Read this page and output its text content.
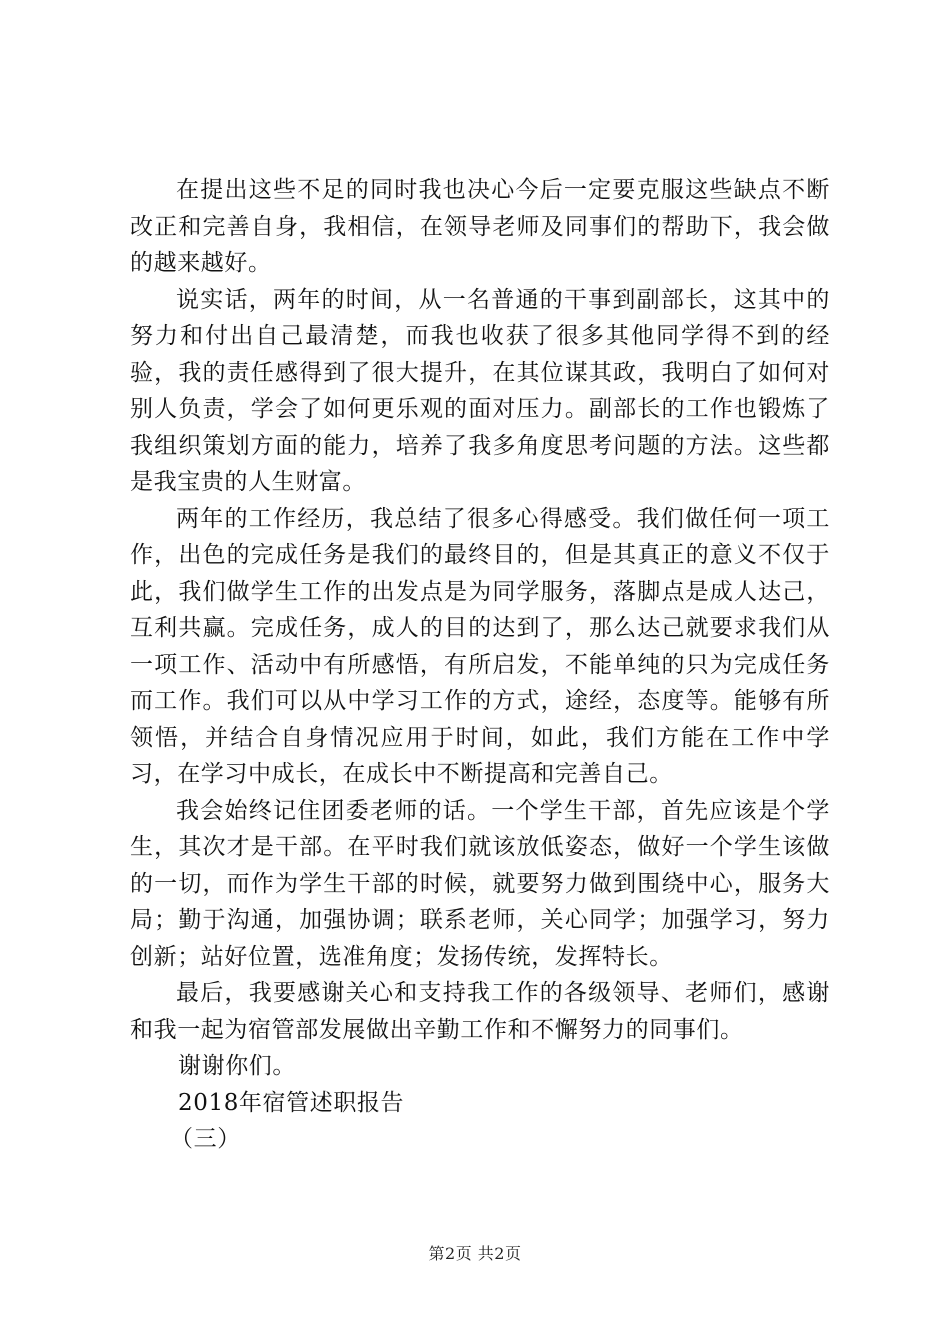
在提出这些不足的同时我也决心今后一定要克服这些缺点不断改正和完善自身，我相信，在领导老师及同事们的帮助下，我会做的越来越好。

说实话，两年的时间，从一名普通的干事到副部长，这其中的努力和付出自己最清楚，而我也收获了很多其他同学得不到的经验，我的责任感得到了很大提升，在其位谋其政，我明白了如何对别人负责，学会了如何更乐观的面对压力。副部长的工作也锻炼了我组织策划方面的能力，培养了我多角度思考问题的方法。这些都是我宝贵的人生财富。

两年的工作经历，我总结了很多心得感受。我们做任何一项工作，出色的完成任务是我们的最终目的，但是其真正的意义不仅于此，我们做学生工作的出发点是为同学服务，落脚点是成人达己，互利共赢。完成任务，成人的目的达到了，那么达己就要求我们从一项工作、活动中有所感悟，有所启发，不能单纯的只为完成任务而工作。我们可以从中学习工作的方式，途经，态度等。能够有所领悟，并结合自身情况应用于时间，如此，我们方能在工作中学习，在学习中成长，在成长中不断提高和完善自己。

我会始终记住团委老师的话。一个学生干部，首先应该是个学生，其次才是干部。在平时我们就该放低姿态，做好一个学生该做的一切，而作为学生干部的时候，就要努力做到围绕中心，服务大局；勤于沟通，加强协调；联系老师，关心同学；加强学习，努力创新；站好位置，选准角度；发扬传统，发挥特长。

最后，我要感谢关心和支持我工作的各级领导、老师们，感谢和我一起为宿管部发展做出辛勤工作和不懈努力的同事们。

谢谢你们。

2018年宿管述职报告

（三）

第2页 共2页
